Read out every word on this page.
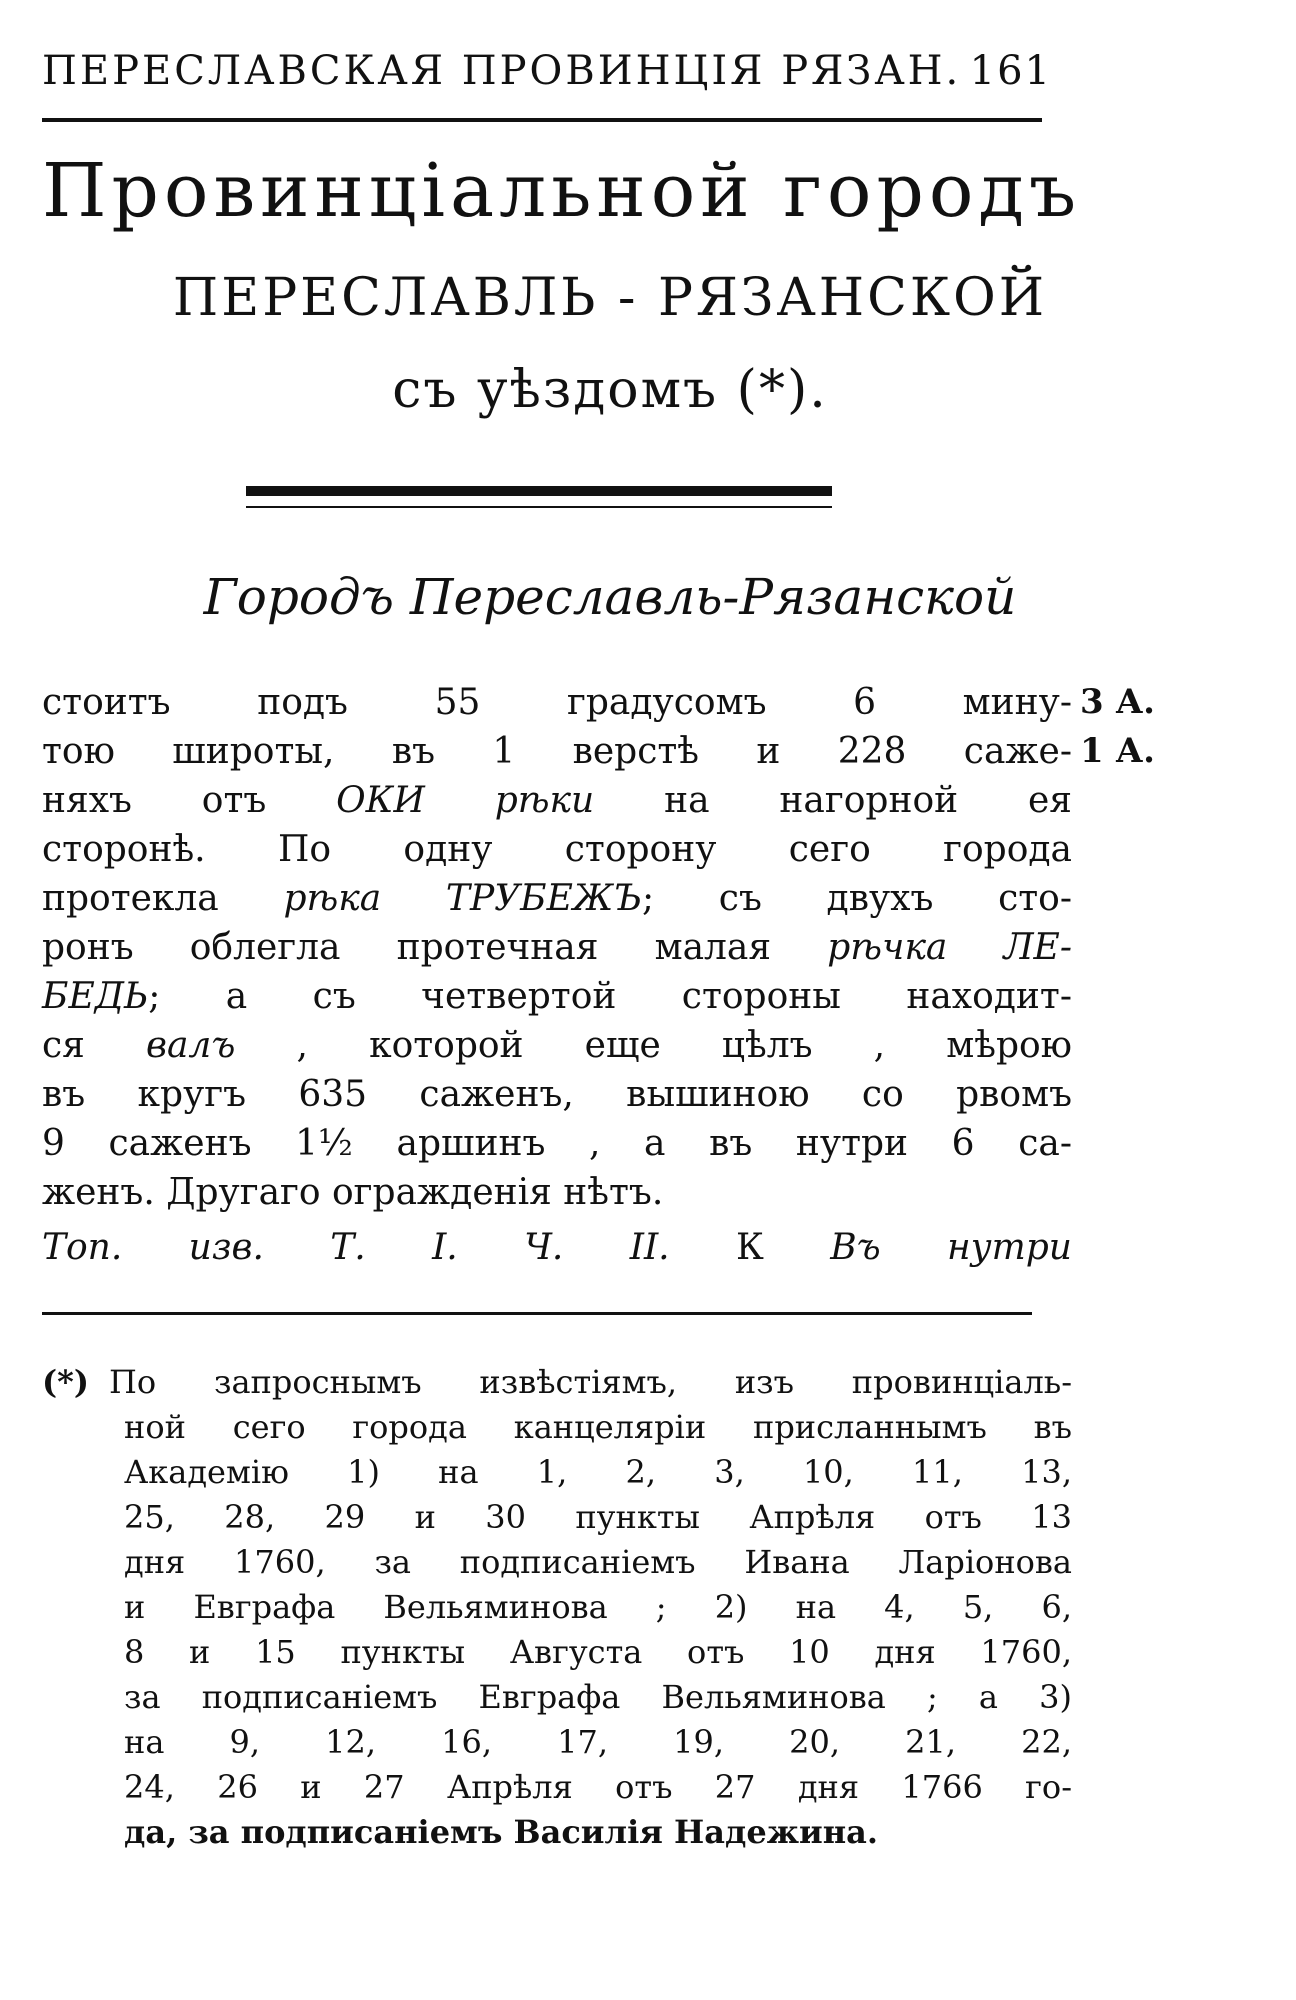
ПЕРЕСЛАВСКАЯ ПРОВИНЦІЯ РЯЗАН. 161
Провинціальной городъ
ПЕРЕСЛАВЛЬ - РЯЗАНСКОЙ
съ уѣздомъ (*).
Городъ Переславль-Рязанской
стоитъ подъ 55 градусомъ 6 мину-
тою широты, въ 1 верстѣ и 228 саже-
няхъ отъ ОКИ рѣки на нагорной ея
сторонѣ. По одну сторону сего города
протекла рѣка ТРУБЕЖЪ; съ двухъ сто-
ронъ облегла протечная малая рѣчка ЛЕ-
БЕДЬ; а съ четвертой стороны находит-
ся валъ , которой еще цѣлъ , мѣрою
въ кругъ 635 саженъ, вышиною со рвомъ
9 саженъ 1½ аршинъ , а въ нутри 6 са-
женъ. Другаго огражденія нѣтъ.
Топ. изв. Т. I. Ч. II. К Въ нутри
3 А.
1 А.
(*) По запроснымъ извѣстіямъ, изъ провинціаль-
ной сего города канцеляріи присланнымъ въ
Академію 1) на 1, 2, 3, 10, 11, 13,
25, 28, 29 и 30 пункты Апрѣля отъ 13
дня 1760, за подписаніемъ Ивана Ларіонова
и Евграфа Вельяминова ; 2) на 4, 5, 6,
8 и 15 пункты Августа отъ 10 дня 1760,
за подписаніемъ Евграфа Вельяминова ; а 3)
на 9, 12, 16, 17, 19, 20, 21, 22,
24, 26 и 27 Апрѣля отъ 27 дня 1766 го-
да, за подписаніемъ Василія Надежина.
